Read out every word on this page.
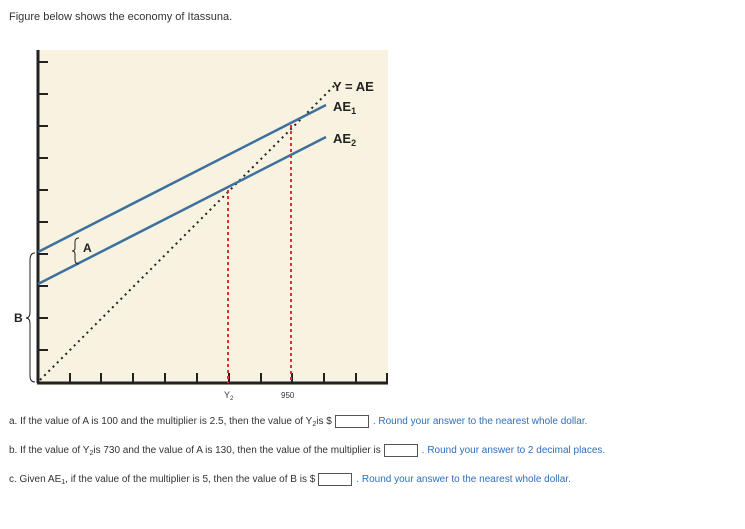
Figure below shows the economy of Itassuna.
A
B
Y = AE
$AE_1$
$AE_2$
$Y_2$	950
a. If the value of A is 100 and the multiplier is 2.5, then the value of $Y_2$ is $	. Round your answer to the nearest whole dollar.
b. If the value of $Y_2$ is 730 and the value of A is 130, then the value of the multiplier is	. Round your answer to 2 decimal places.
c. Given $AE_1$ , if the value of the multiplier is 5, then the value of B is $	. Round your answer to the nearest whole dollar.
